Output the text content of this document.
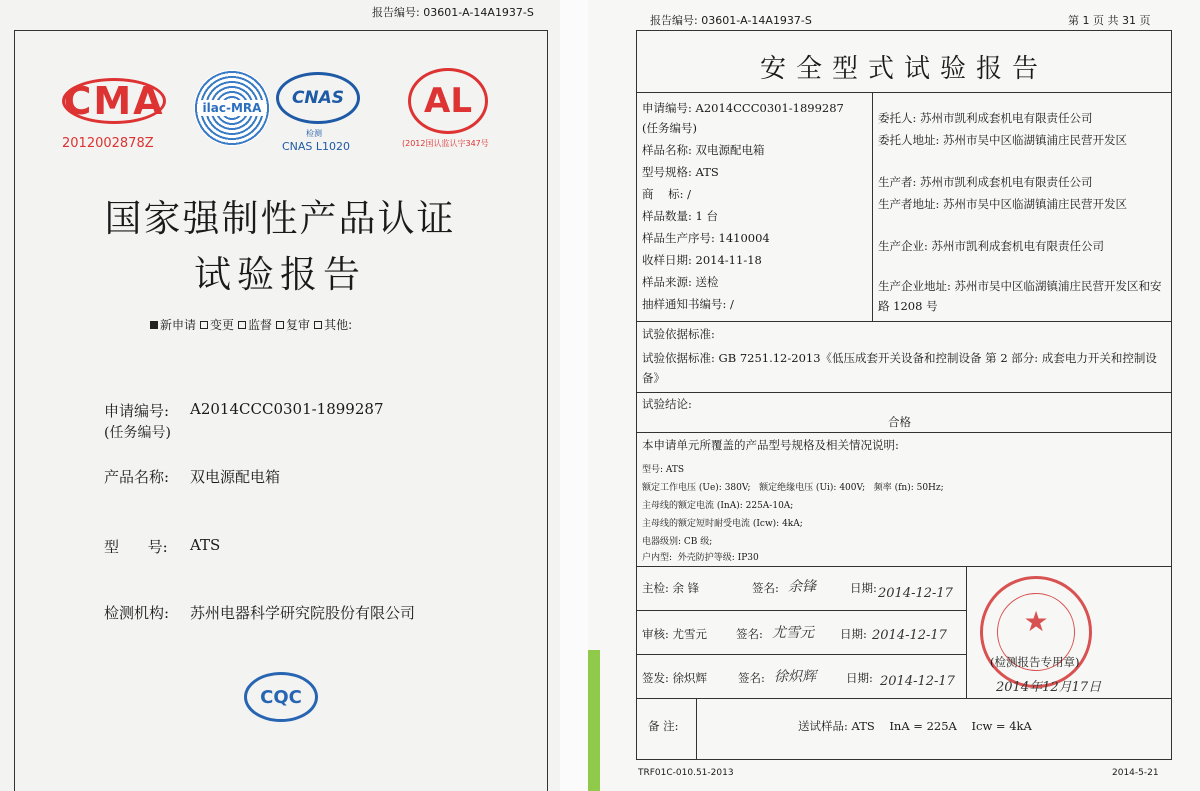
报告编号: 03601-A-14A1937-S
CMA
2012002878Z
ilac-MRA	CNAS
检测
CNAS L1020
AL
(2012国认监认字347号
国家强制性产品认证
试验报告
新申请 变更 监督 复审 其他:
申请编号: A2014CCC0301-1899287
(任务编号)
产品名称: 双电源配电箱
型      号: ATS
检测机构: 苏州电器科学研究院股份有限公司
CQC
报告编号: 03601-A-14A1937-S	第 1 页 共 31 页
安全型式试验报告
申请编号: A2014CCC0301-1899287
(任务编号)
样品名称: 双电源配电箱
型号规格: ATS
商    标: /
样品数量: 1 台
样品生产序号: 1410004
收样日期: 2014-11-18
样品来源: 送检
抽样通知书编号: /
委托人: 苏州市凯利成套机电有限责任公司
委托人地址: 苏州市吴中区临湖镇浦庄民营开发区
生产者: 苏州市凯利成套机电有限责任公司
生产者地址: 苏州市吴中区临湖镇浦庄民营开发区
生产企业: 苏州市凯利成套机电有限责任公司
生产企业地址: 苏州市吴中区临湖镇浦庄民营开发区和安路 1208 号
试验依据标准:
试验依据标准: GB 7251.12-2013《低压成套开关设备和控制设备 第 2 部分: 成套电力开关和控制设备》
试验结论:
合格
本申请单元所覆盖的产品型号规格及相关情况说明:
型号: ATS
额定工作电压 (Ue): 380V;   额定绝缘电压 (Ui): 400V;   频率 (fn): 50Hz;
主母线的额定电流 (InA): 225A-10A;
主母线的额定短时耐受电流 (Icw): 4kA;
电器级别: CB 级;
户内型:  外壳防护等级: IP30
主检: 余 锋	签名: 余锋	日期: 2014-12-17
审核: 尤雪元	签名: 尤雪元 日期: 2014-12-17
签发: 徐炽辉	签名: 徐炽辉	日期: 2014-12-17
★
(检测报告专用章)
2014年12月17日
备 注:	送试样品: ATS    InA = 225A    Icw = 4kA
TRF01C-010.51-2013	2014-5-21
